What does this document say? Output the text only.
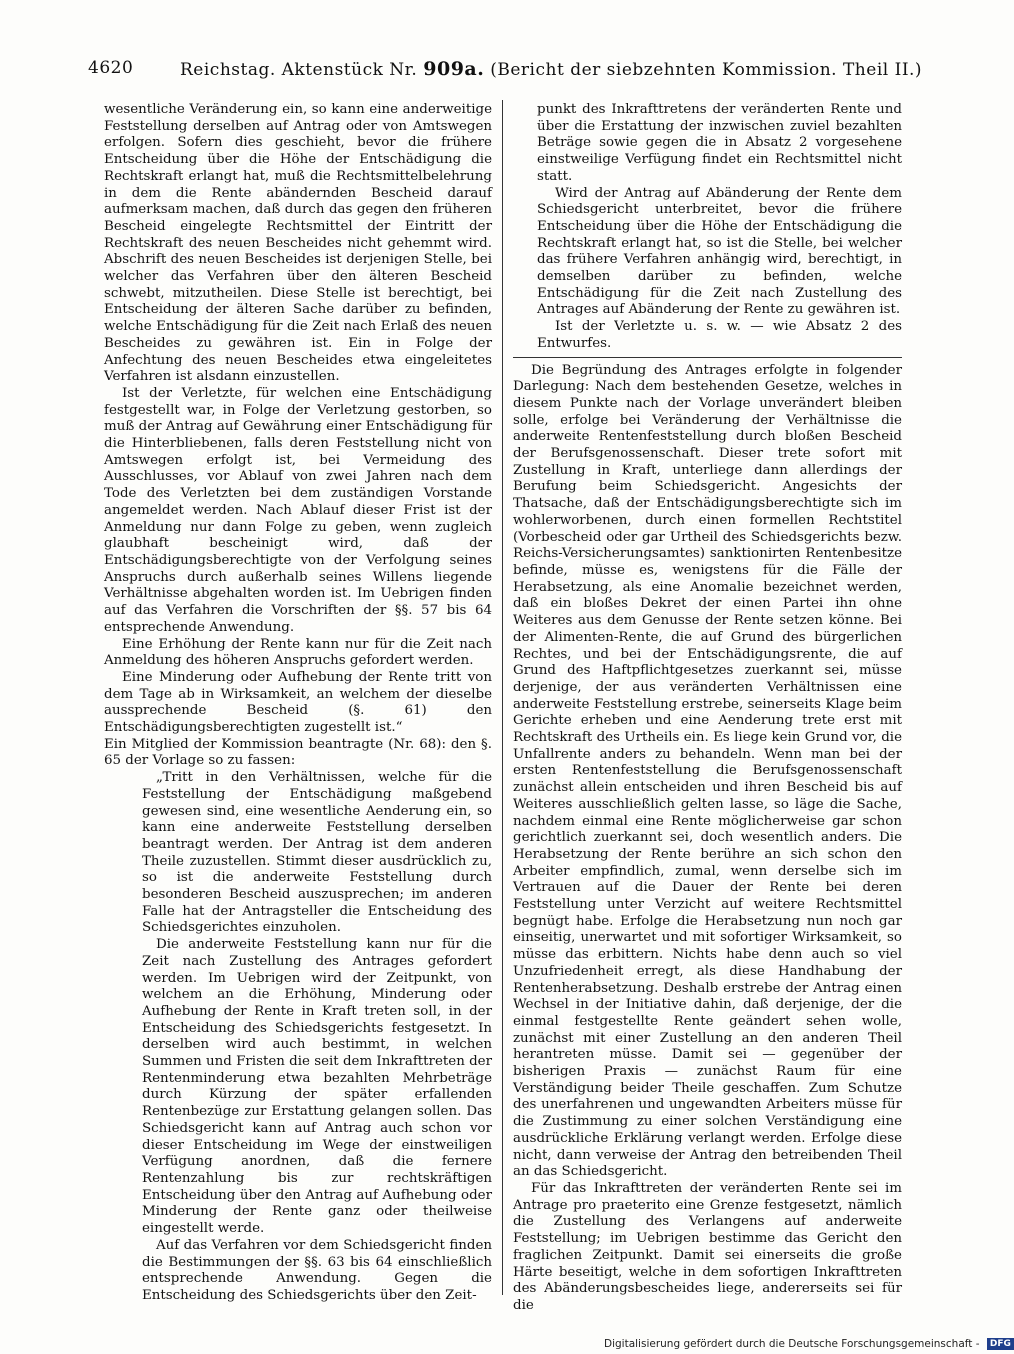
4620	Reichstag. Aktenstück Nr. 909a. (Bericht der siebzehnten Kommission. Theil II.)

wesentliche Veränderung ein, so kann eine anderweitige Feststellung derselben auf Antrag oder von Amtswegen erfolgen. Sofern dies geschieht, bevor die frühere Entscheidung über die Höhe der Entschädigung die Rechtskraft erlangt hat, muß die Rechtsmittelbelehrung in dem die Rente abändernden Bescheid darauf aufmerksam machen, daß durch das gegen den früheren Bescheid eingelegte Rechtsmittel der Eintritt der Rechtskraft des neuen Bescheides nicht gehemmt wird. Abschrift des neuen Bescheides ist derjenigen Stelle, bei welcher das Verfahren über den älteren Bescheid schwebt, mitzutheilen. Diese Stelle ist berechtigt, bei Entscheidung der älteren Sache darüber zu befinden, welche Entschädigung für die Zeit nach Erlaß des neuen Bescheides zu gewähren ist. Ein in Folge der Anfechtung des neuen Bescheides etwa eingeleitetes Verfahren ist alsdann einzustellen.

Ist der Verletzte, für welchen eine Entschädigung festgestellt war, in Folge der Verletzung gestorben, so muß der Antrag auf Gewährung einer Entschädigung für die Hinterbliebenen, falls deren Feststellung nicht von Amtswegen erfolgt ist, bei Vermeidung des Ausschlusses, vor Ablauf von zwei Jahren nach dem Tode des Verletzten bei dem zuständigen Vorstande angemeldet werden. Nach Ablauf dieser Frist ist der Anmeldung nur dann Folge zu geben, wenn zugleich glaubhaft bescheinigt wird, daß der Entschädigungsberechtigte von der Verfolgung seines Anspruchs durch außerhalb seines Willens liegende Verhältnisse abgehalten worden ist. Im Uebrigen finden auf das Verfahren die Vorschriften der §§. 57 bis 64 entsprechende Anwendung.

Eine Erhöhung der Rente kann nur für die Zeit nach Anmeldung des höheren Anspruchs gefordert werden.

Eine Minderung oder Aufhebung der Rente tritt von dem Tage ab in Wirksamkeit, an welchem der dieselbe aussprechende Bescheid (§. 61) den Entschädigungsberechtigten zugestellt ist.“

Ein Mitglied der Kommission beantragte (Nr. 68): den §. 65 der Vorlage so zu fassen:

„Tritt in den Verhältnissen, welche für die Feststellung der Entschädigung maßgebend gewesen sind, eine wesentliche Aenderung ein, so kann eine anderweite Feststellung derselben beantragt werden. Der Antrag ist dem anderen Theile zuzustellen. Stimmt dieser ausdrücklich zu, so ist die anderweite Feststellung durch besonderen Bescheid auszusprechen; im anderen Falle hat der Antragsteller die Entscheidung des Schiedsgerichtes einzuholen.

Die anderweite Feststellung kann nur für die Zeit nach Zustellung des Antrages gefordert werden. Im Uebrigen wird der Zeitpunkt, von welchem an die Erhöhung, Minderung oder Aufhebung der Rente in Kraft treten soll, in der Entscheidung des Schiedsgerichts festgesetzt. In derselben wird auch bestimmt, in welchen Summen und Fristen die seit dem Inkrafttreten der Rentenminderung etwa bezahlten Mehrbeträge durch Kürzung der später erfallenden Rentenbezüge zur Erstattung gelangen sollen. Das Schiedsgericht kann auf Antrag auch schon vor dieser Entscheidung im Wege der einstweiligen Verfügung anordnen, daß die fernere Rentenzahlung bis zur rechtskräftigen Entscheidung über den Antrag auf Aufhebung oder Minderung der Rente ganz oder theilweise eingestellt werde.

Auf das Verfahren vor dem Schiedsgericht finden die Bestimmungen der §§. 63 bis 64 einschließlich entsprechende Anwendung. Gegen die Entscheidung des Schiedsgerichts über den Zeit-

punkt des Inkrafttretens der veränderten Rente und über die Erstattung der inzwischen zuviel bezahlten Beträge sowie gegen die in Absatz 2 vorgesehene einstweilige Verfügung findet ein Rechtsmittel nicht statt.

Wird der Antrag auf Abänderung der Rente dem Schiedsgericht unterbreitet, bevor die frühere Entscheidung über die Höhe der Entschädigung die Rechtskraft erlangt hat, so ist die Stelle, bei welcher das frühere Verfahren anhängig wird, berechtigt, in demselben darüber zu befinden, welche Entschädigung für die Zeit nach Zustellung des Antrages auf Abänderung der Rente zu gewähren ist.

Ist der Verletzte u. s. w. — wie Absatz 2 des Entwurfes.

Die Begründung des Antrages erfolgte in folgender Darlegung: Nach dem bestehenden Gesetze, welches in diesem Punkte nach der Vorlage unverändert bleiben solle, erfolge bei Veränderung der Verhältnisse die anderweite Rentenfeststellung durch bloßen Bescheid der Berufsgenossenschaft. Dieser trete sofort mit Zustellung in Kraft, unterliege dann allerdings der Berufung beim Schiedsgericht. Angesichts der Thatsache, daß der Entschädigungsberechtigte sich im wohlerworbenen, durch einen formellen Rechtstitel (Vorbescheid oder gar Urtheil des Schiedsgerichts bezw. Reichs-Versicherungsamtes) sanktionirten Rentenbesitze befinde, müsse es, wenigstens für die Fälle der Herabsetzung, als eine Anomalie bezeichnet werden, daß ein bloßes Dekret der einen Partei ihn ohne Weiteres aus dem Genusse der Rente setzen könne. Bei der Alimenten-Rente, die auf Grund des bürgerlichen Rechtes, und bei der Entschädigungsrente, die auf Grund des Haftpflichtgesetzes zuerkannt sei, müsse derjenige, der aus veränderten Verhältnissen eine anderweite Feststellung erstrebe, seinerseits Klage beim Gerichte erheben und eine Aenderung trete erst mit Rechtskraft des Urtheils ein. Es liege kein Grund vor, die Unfallrente anders zu behandeln. Wenn man bei der ersten Rentenfeststellung die Berufsgenossenschaft zunächst allein entscheiden und ihren Bescheid bis auf Weiteres ausschließlich gelten lasse, so läge die Sache, nachdem einmal eine Rente möglicherweise gar schon gerichtlich zuerkannt sei, doch wesentlich anders. Die Herabsetzung der Rente berühre an sich schon den Arbeiter empfindlich, zumal, wenn derselbe sich im Vertrauen auf die Dauer der Rente bei deren Feststellung unter Verzicht auf weitere Rechtsmittel begnügt habe. Erfolge die Herabsetzung nun noch gar einseitig, unerwartet und mit sofortiger Wirksamkeit, so müsse das erbittern. Nichts habe denn auch so viel Unzufriedenheit erregt, als diese Handhabung der Rentenherabsetzung. Deshalb erstrebe der Antrag einen Wechsel in der Initiative dahin, daß derjenige, der die einmal festgestellte Rente geändert sehen wolle, zunächst mit einer Zustellung an den anderen Theil herantreten müsse. Damit sei — gegenüber der bisherigen Praxis — zunächst Raum für eine Verständigung beider Theile geschaffen. Zum Schutze des unerfahrenen und ungewandten Arbeiters müsse für die Zustimmung zu einer solchen Verständigung eine ausdrückliche Erklärung verlangt werden. Erfolge diese nicht, dann verweise der Antrag den betreibenden Theil an das Schiedsgericht.

Für das Inkrafttreten der veränderten Rente sei im Antrage pro praeterito eine Grenze festgesetzt, nämlich die Zustellung des Verlangens auf anderweite Feststellung; im Uebrigen bestimme das Gericht den fraglichen Zeitpunkt. Damit sei einerseits die große Härte beseitigt, welche in dem sofortigen Inkrafttreten des Abänderungsbescheides liege, andererseits sei für die

Digitalisierung gefördert durch die Deutsche Forschungsgemeinschaft - DFG
